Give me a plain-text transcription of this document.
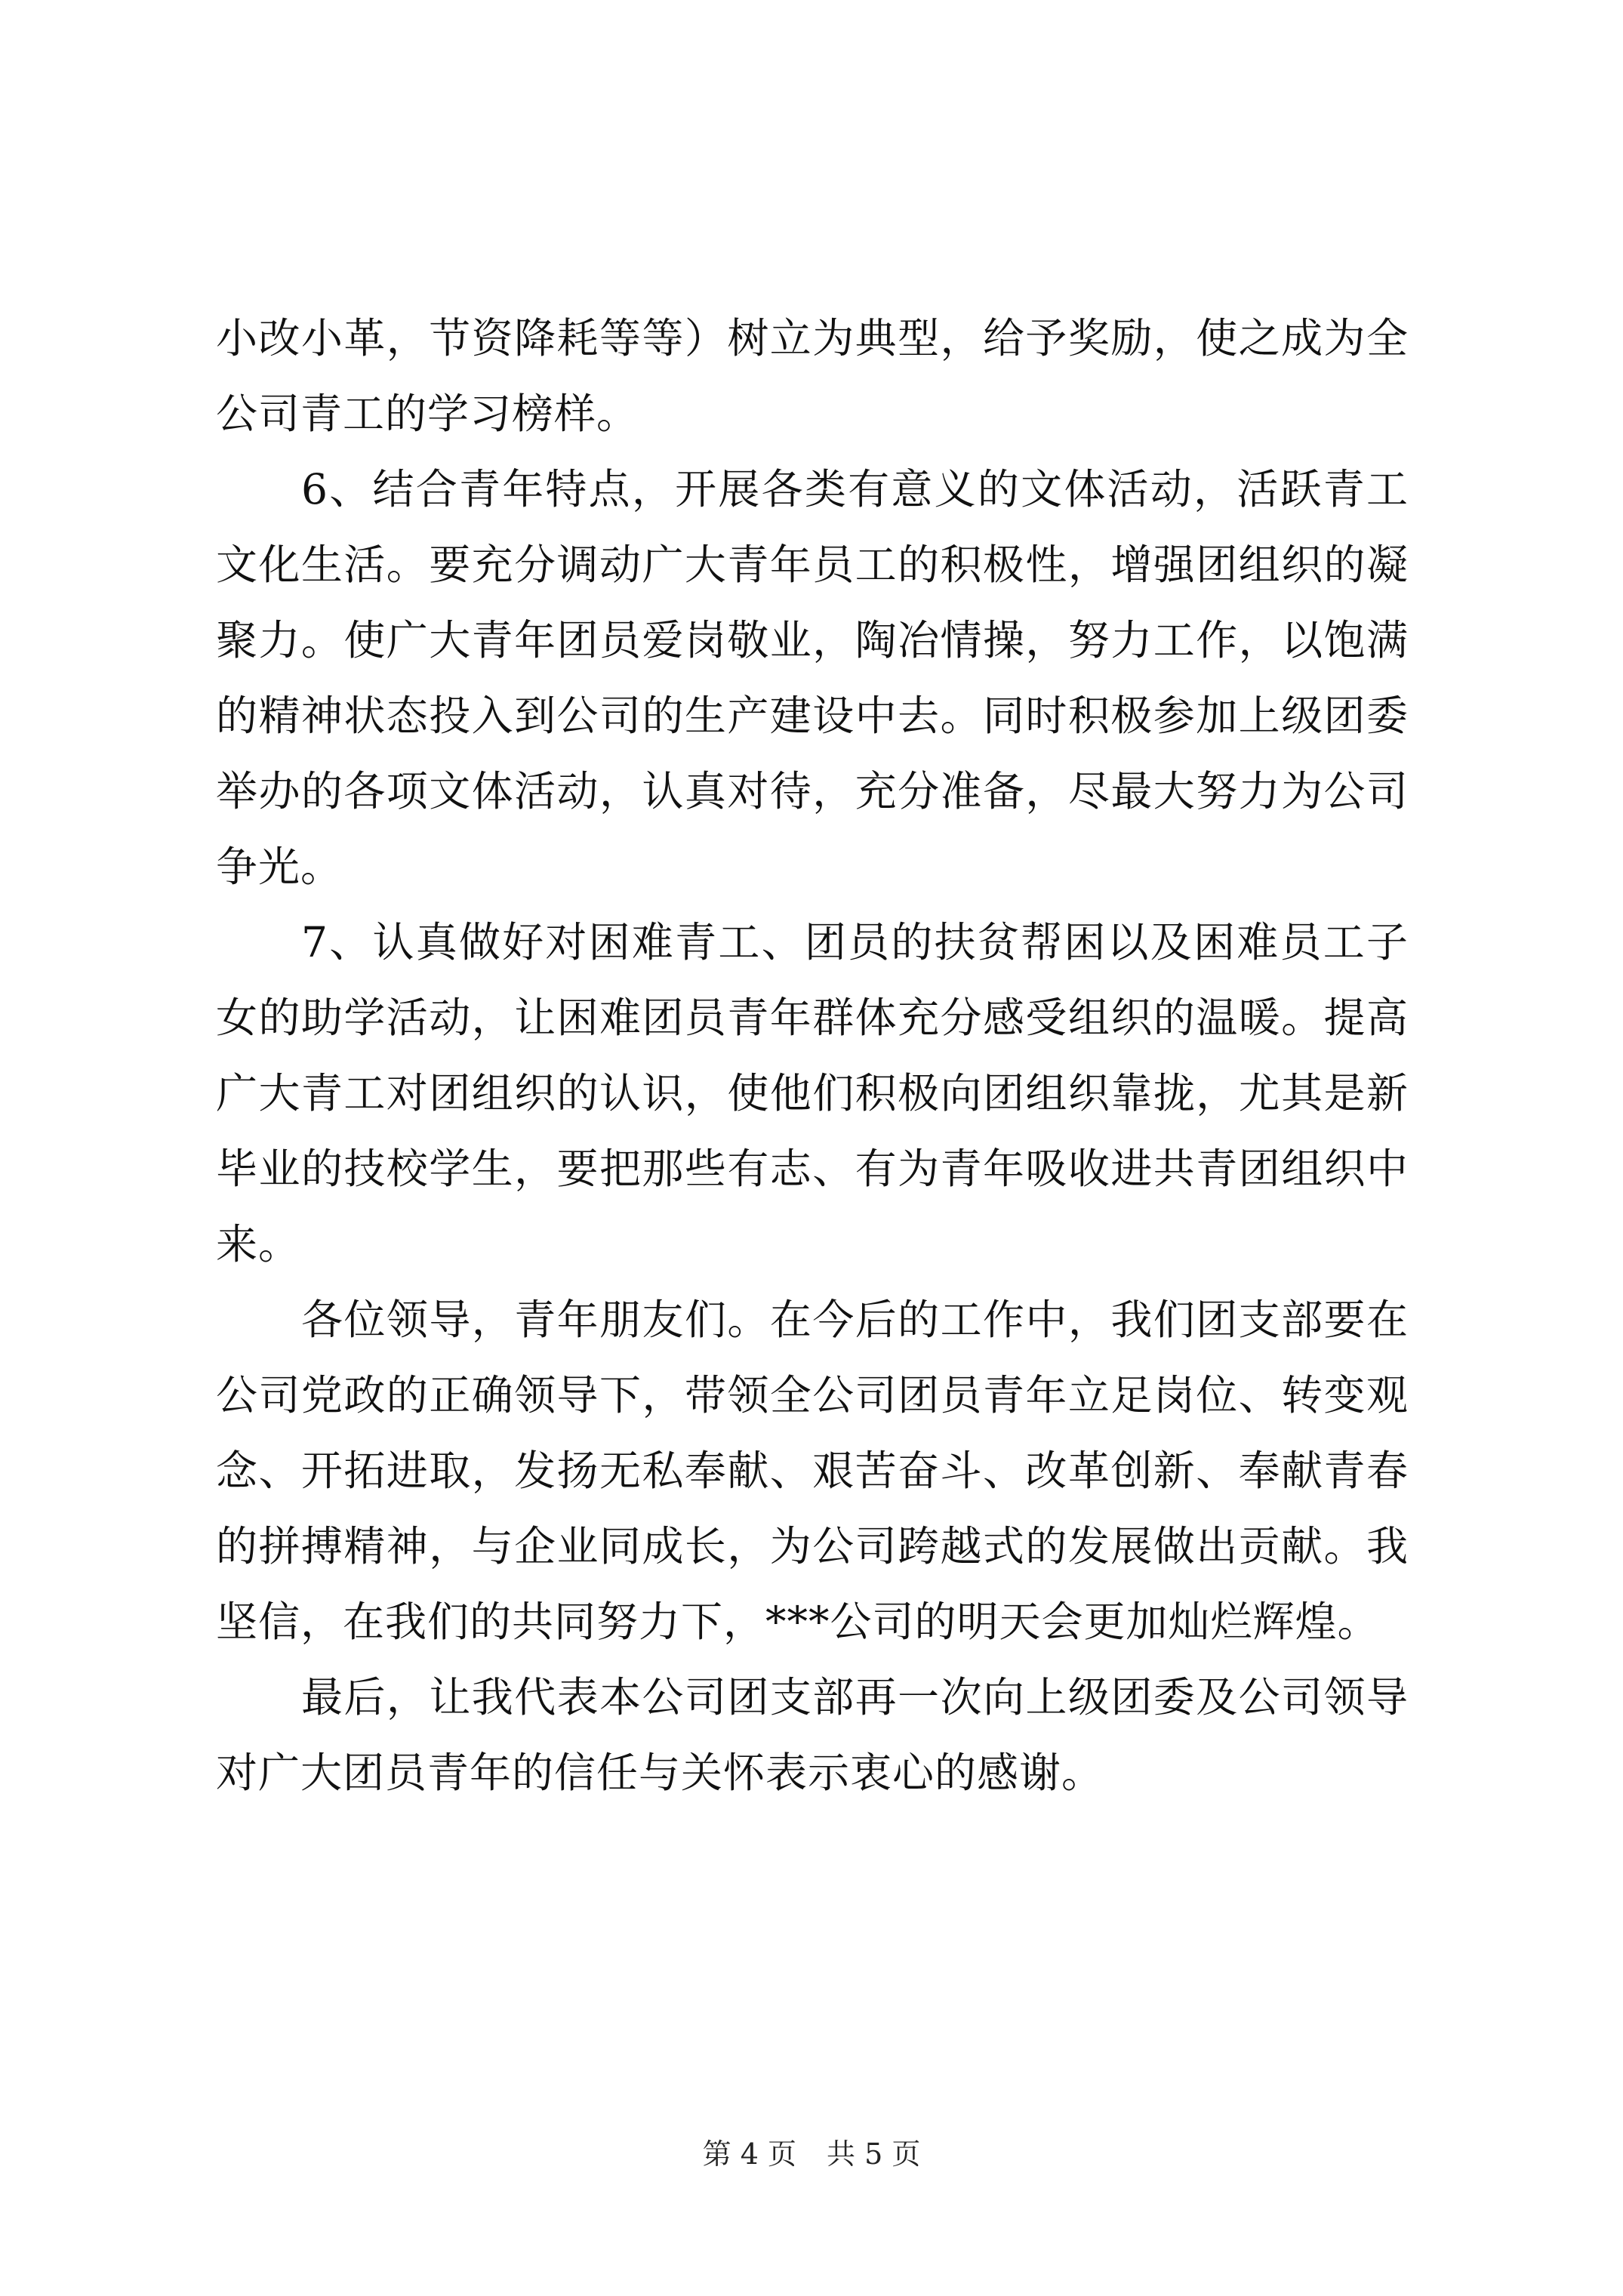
小改小革，节资降耗等等）树立为典型，给予奖励，使之成为全公司青工的学习榜样。

6、结合青年特点，开展各类有意义的文体活动，活跃青工文化生活。要充分调动广大青年员工的积极性，增强团组织的凝聚力。使广大青年团员爱岗敬业，陶冶情操，努力工作，以饱满的精神状态投入到公司的生产建设中去。同时积极参加上级团委举办的各项文体活动，认真对待，充分准备，尽最大努力为公司争光。

7、认真做好对困难青工、团员的扶贫帮困以及困难员工子女的助学活动，让困难团员青年群体充分感受组织的温暖。提高广大青工对团组织的认识，使他们积极向团组织靠拢，尤其是新毕业的技校学生，要把那些有志、有为青年吸收进共青团组织中来。

各位领导，青年朋友们。在今后的工作中，我们团支部要在公司党政的正确领导下，带领全公司团员青年立足岗位、转变观念、开拓进取，发扬无私奉献、艰苦奋斗、改革创新、奉献青春的拼搏精神，与企业同成长，为公司跨越式的发展做出贡献。我坚信，在我们的共同努力下，***公司的明天会更加灿烂辉煌。

最后，让我代表本公司团支部再一次向上级团委及公司领导对广大团员青年的信任与关怀表示衷心的感谢。

第 4 页 共 5 页
